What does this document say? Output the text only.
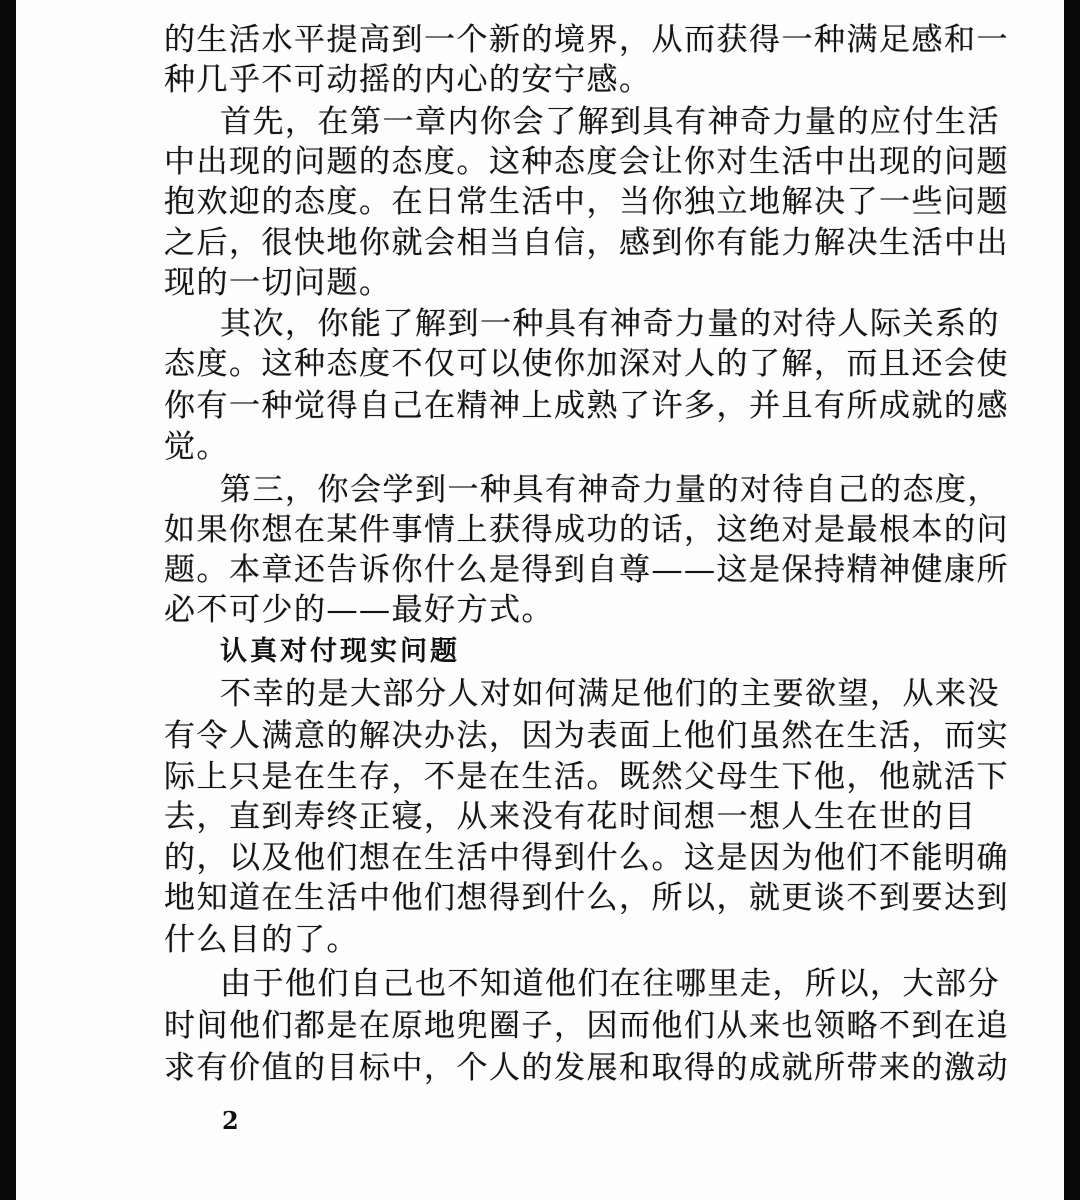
的生活水平提高到一个新的境界，从而获得一种满足感和一
种几乎不可动摇的内心的安宁感。
首先，在第一章内你会了解到具有神奇力量的应付生活
中出现的问题的态度。这种态度会让你对生活中出现的问题
抱欢迎的态度。在日常生活中，当你独立地解决了一些问题
之后，很快地你就会相当自信，感到你有能力解决生活中出
现的一切问题。
其次，你能了解到一种具有神奇力量的对待人际关系的
态度。这种态度不仅可以使你加深对人的了解，而且还会使
你有一种觉得自己在精神上成熟了许多，并且有所成就的感
觉。
第三，你会学到一种具有神奇力量的对待自己的态度，
如果你想在某件事情上获得成功的话，这绝对是最根本的问
题。本章还告诉你什么是得到自尊——这是保持精神健康所
必不可少的——最好方式。
认真对付现实问题
不幸的是大部分人对如何满足他们的主要欲望，从来没
有令人满意的解决办法，因为表面上他们虽然在生活，而实
际上只是在生存，不是在生活。既然父母生下他，他就活下
去，直到寿终正寝，从来没有花时间想一想人生在世的目
的，以及他们想在生活中得到什么。这是因为他们不能明确
地知道在生活中他们想得到什么，所以，就更谈不到要达到
什么目的了。
由于他们自己也不知道他们在往哪里走，所以，大部分
时间他们都是在原地兜圈子，因而他们从来也领略不到在追
求有价值的目标中，个人的发展和取得的成就所带来的激动
2
